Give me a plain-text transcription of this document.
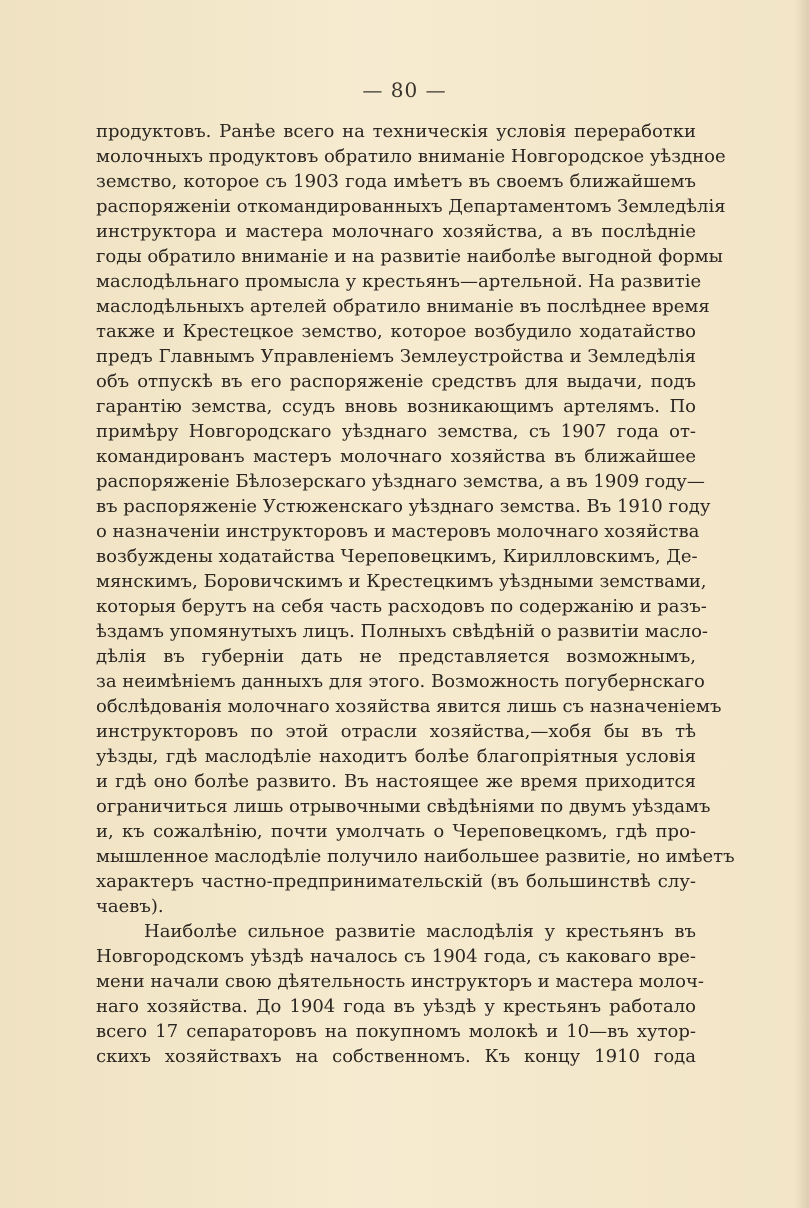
— 80 —
продуктовъ. Ранѣе всего на техническія условія переработки
молочныхъ продуктовъ обратило вниманіе Новгородское уѣздное
земство, которое съ 1903 года имѣетъ въ своемъ ближайшемъ
распоряженіи откомандированныхъ Департаментомъ Земледѣлія
инструктора и мастера молочнаго хозяйства, а въ послѣдніе
годы обратило вниманіе и на развитіе наиболѣе выгодной формы
маслодѣльнаго промысла у крестьянъ—артельной. На развитіе
маслодѣльныхъ артелей обратило вниманіе въ послѣднее время
также и Крестецкое земство, которое возбудило ходатайство
предъ Главнымъ Управленіемъ Землеустройства и Земледѣлія
объ отпускѣ въ его распоряженіе средствъ для выдачи, подъ
гарантію земства, ссудъ вновь возникающимъ артелямъ. По
примѣру Новгородскаго уѣзднаго земства, съ 1907 года от-
командированъ мастеръ молочнаго хозяйства въ ближайшее
распоряженіе Бѣлозерскаго уѣзднаго земства, а въ 1909 году—
въ распоряженіе Устюженскаго уѣзднаго земства. Въ 1910 году
о назначеніи инструкторовъ и мастеровъ молочнаго хозяйства
возбуждены ходатайства Череповецкимъ, Кирилловскимъ, Де-
мянскимъ, Боровичскимъ и Крестецкимъ уѣздными земствами,
которыя берутъ на себя часть расходовъ по содержанію и разъ-
ѣздамъ упомянутыхъ лицъ. Полныхъ свѣдѣній о развитіи масло-
дѣлія въ губерніи дать не представляется возможнымъ,
за неимѣніемъ данныхъ для этого. Возможность погубернскаго
обслѣдованія молочнаго хозяйства явится лишь съ назначеніемъ
инструкторовъ по этой отрасли хозяйства,—хобя бы въ тѣ
уѣзды, гдѣ маслодѣліе находитъ болѣе благопріятныя условія
и гдѣ оно болѣе развито. Въ настоящее же время приходится
ограничиться лишь отрывочными свѣдѣніями по двумъ уѣздамъ
и, къ сожалѣнію, почти умолчать о Череповецкомъ, гдѣ про-
мышленное маслодѣліе получило наибольшее развитіе, но имѣетъ
характеръ частно-предпринимательскій (въ большинствѣ слу-
чаевъ).
Наиболѣе сильное развитіе маслодѣлія у крестьянъ въ
Новгородскомъ уѣздѣ началось съ 1904 года, съ каковаго вре-
мени начали свою дѣятельность инструкторъ и мастера молоч-
наго хозяйства. До 1904 года въ уѣздѣ у крестьянъ работало
всего 17 сепараторовъ на покупномъ молокѣ и 10—въ хутор-
скихъ хозяйствахъ на собственномъ. Къ концу 1910 года
